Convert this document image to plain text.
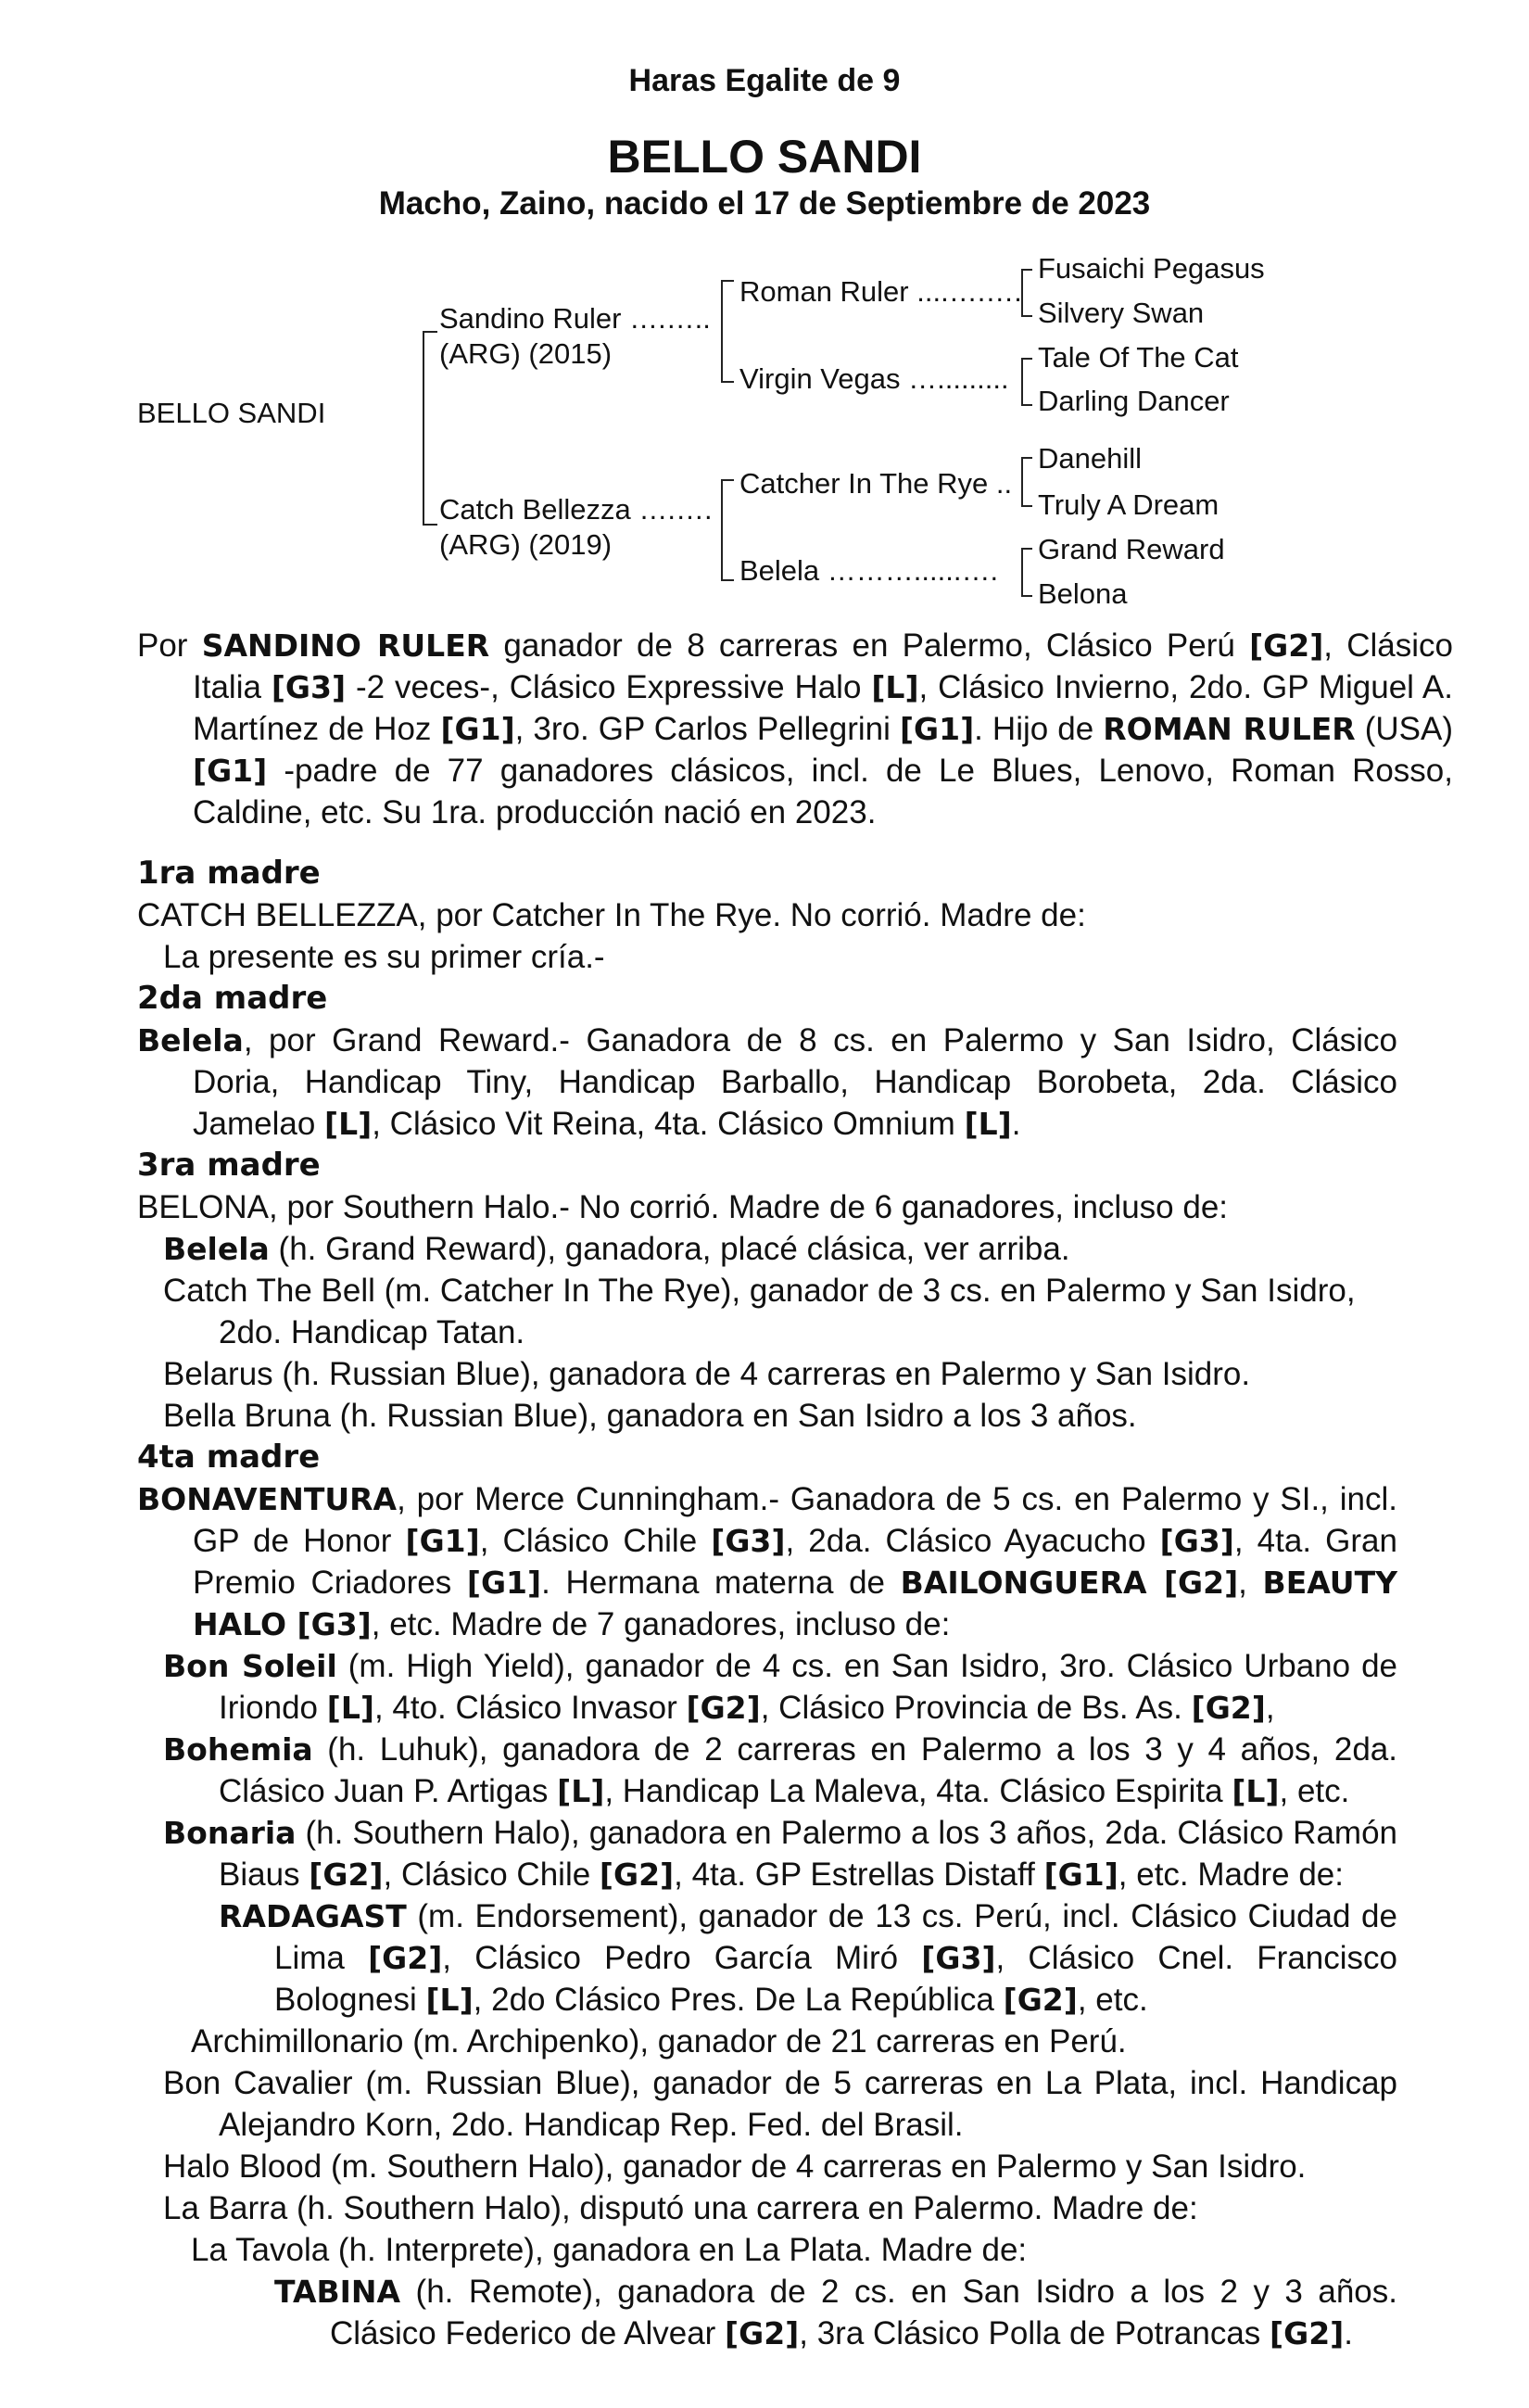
Haras Egalite de 9
BELLO SANDI
Macho, Zaino, nacido el 17 de Septiembre de 2023
BELLO SANDI
Sandino Ruler ….…..
(ARG) (2015)
Catch Bellezza ….….
(ARG) (2019)
Roman Ruler ....….….
Virgin Vegas ….........
Catcher In The Rye ..
Belela ………......….
Fusaichi Pegasus
Silvery Swan
Tale Of The Cat
Darling Dancer
Danehill
Truly A Dream
Grand Reward
Belona
Por SANDINO RULER ganador de 8 carreras en Palermo, Clásico Perú [G2], Clásico Italia [G3] -2 veces-, Clásico Expressive Halo [L], Clásico Invierno, 2do. GP Miguel A. Martínez de Hoz [G1], 3ro. GP Carlos Pellegrini [G1]. Hijo de ROMAN RULER (USA) [G1] -padre de 77 ganadores clásicos, incl. de Le Blues, Lenovo, Roman Rosso, Caldine, etc. Su 1ra. producción nació en 2023.

1ra madre

CATCH BELLEZZA, por Catcher In The Rye. No corrió. Madre de:

La presente es su primer cría.-

2da madre

Belela, por Grand Reward.- Ganadora de 8 cs. en Palermo y San Isidro, Clásico Doria, Handicap Tiny, Handicap Barballo, Handicap Borobeta, 2da. Clásico Jamelao [L], Clásico Vit Reina, 4ta. Clásico Omnium [L].

3ra madre

BELONA, por Southern Halo.- No corrió. Madre de 6 ganadores, incluso de:

Belela (h. Grand Reward), ganadora, placé clásica, ver arriba.

Catch The Bell (m. Catcher In The Rye), ganador de 3 cs. en Palermo y San Isidro, 2do. Handicap Tatan.

Belarus (h. Russian Blue), ganadora de 4 carreras en Palermo y San Isidro.

Bella Bruna (h. Russian Blue), ganadora en San Isidro a los 3 años.

4ta madre

BONAVENTURA, por Merce Cunningham.- Ganadora de 5 cs. en Palermo y SI., incl. GP de Honor [G1], Clásico Chile [G3], 2da. Clásico Ayacucho [G3], 4ta. Gran Premio Criadores [G1]. Hermana materna de BAILONGUERA [G2], BEAUTY HALO [G3], etc. Madre de 7 ganadores, incluso de:

Bon Soleil (m. High Yield), ganador de 4 cs. en San Isidro, 3ro. Clásico Urbano de Iriondo [L], 4to. Clásico Invasor [G2], Clásico Provincia de Bs. As. [G2],

Bohemia (h. Luhuk), ganadora de 2 carreras en Palermo a los 3 y 4 años, 2da. Clásico Juan P. Artigas [L], Handicap La Maleva, 4ta. Clásico Espirita [L], etc.

Bonaria (h. Southern Halo), ganadora en Palermo a los 3 años, 2da. Clásico Ramón Biaus [G2], Clásico Chile [G2], 4ta. GP Estrellas Distaff [G1], etc. Madre de:

RADAGAST (m. Endorsement), ganador de 13 cs. Perú, incl. Clásico Ciudad de Lima [G2], Clásico Pedro García Miró [G3], Clásico Cnel. Francisco Bolognesi [L], 2do Clásico Pres. De La República [G2], etc.

Archimillonario (m. Archipenko), ganador de 21 carreras en Perú.

Bon Cavalier (m. Russian Blue), ganador de 5 carreras en La Plata, incl. Handicap Alejandro Korn, 2do. Handicap Rep. Fed. del Brasil.

Halo Blood (m. Southern Halo), ganador de 4 carreras en Palermo y San Isidro.

La Barra (h. Southern Halo), disputó una carrera en Palermo. Madre de:

La Tavola (h. Interprete), ganadora en La Plata. Madre de:

TABINA (h. Remote), ganadora de 2 cs. en San Isidro a los 2 y 3 años. Clásico Federico de Alvear [G2], 3ra Clásico Polla de Potrancas [G2].
